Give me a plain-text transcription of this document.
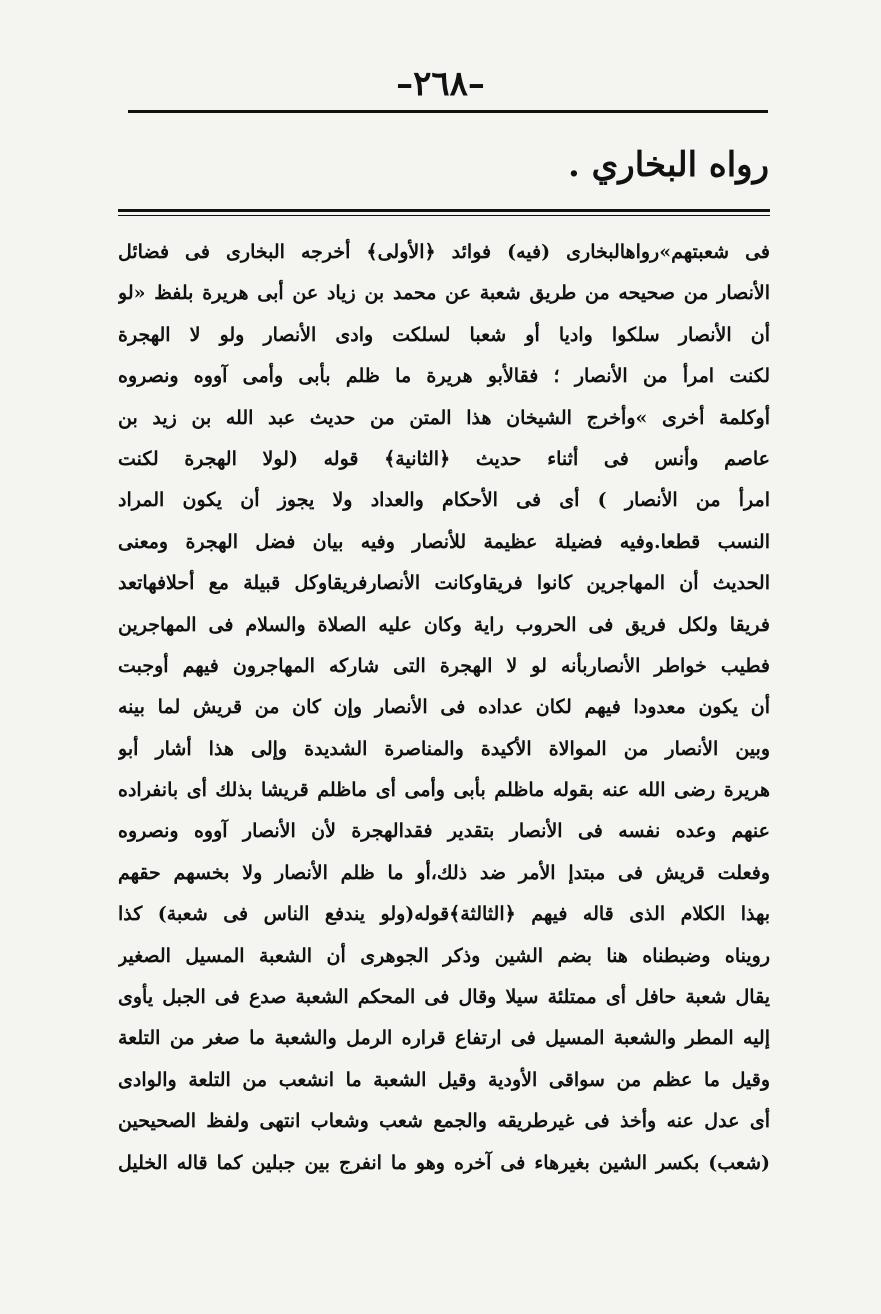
–٢٦٨–
رواه البخاري .
فى شعبتهم»رواهالبخارى (فيه) فوائد ﴿الأولى﴾ أخرجه البخارى فى فضائل
الأنصار من صحيحه من طريق شعبة عن محمد بن زياد عن أبى هريرة بلفظ «لو
أن الأنصار سلكوا واديا أو شعبا لسلكت وادى الأنصار ولو لا الهجرة
لكنت امرأ من الأنصار ؛ فقالأبو هريرة ما ظلم بأبى وأمى آووه ونصروه
أوكلمة أخرى »وأخرج الشيخان هذا المتن من حديث عبد الله بن زيد بن
عاصم وأنس فى أثناء حديث ﴿الثانية﴾ قوله (لولا الهجرة لكنت
امرأ من الأنصار ) أى فى الأحكام والعداد ولا يجوز أن يكون المراد
النسب قطعا.وفيه فضيلة عظيمة للأنصار وفيه بيان فضل الهجرة ومعنى
الحديث أن المهاجرين كانوا فريقاوكانت الأنصارفريقاوكل قبيلة مع أحلافهاتعد
فريقا ولكل فريق فى الحروب راية وكان عليه الصلاة والسلام فى المهاجرين
فطيب خواطر الأنصاربأنه لو لا الهجرة التى شاركه المهاجرون فيهم أوجبت
أن يكون معدودا فيهم لكان عداده فى الأنصار وإن كان من قريش لما بينه
وبين الأنصار من الموالاة الأكيدة والمناصرة الشديدة وإلى هذا أشار أبو
هريرة رضى الله عنه بقوله ماظلم بأبى وأمى أى ماظلم قريشا بذلك أى بانفراده
عنهم وعده نفسه فى الأنصار بتقدير فقدالهجرة لأن الأنصار آووه ونصروه
وفعلت قريش فى مبتدإ الأمر ضد ذلك،أو ما ظلم الأنصار ولا بخسهم حقهم
بهذا الكلام الذى قاله فيهم ﴿الثالثة﴾قوله(ولو يندفع الناس فى شعبة) كذا
رويناه وضبطناه هنا بضم الشين وذكر الجوهرى أن الشعبة المسيل الصغير
يقال شعبة حافل أى ممتلئة سيلا وقال فى المحكم الشعبة صدع فى الجبل يأوى
إليه المطر والشعبة المسيل فى ارتفاع قراره الرمل والشعبة ما صغر من التلعة
وقيل ما عظم من سواقى الأودية وقيل الشعبة ما انشعب من التلعة والوادى
أى عدل عنه وأخذ فى غيرطريقه والجمع شعب وشعاب انتهى ولفظ الصحيحين
(شعب) بكسر الشين بغيرهاء فى آخره وهو ما انفرج بين جبلين كما قاله الخليل
